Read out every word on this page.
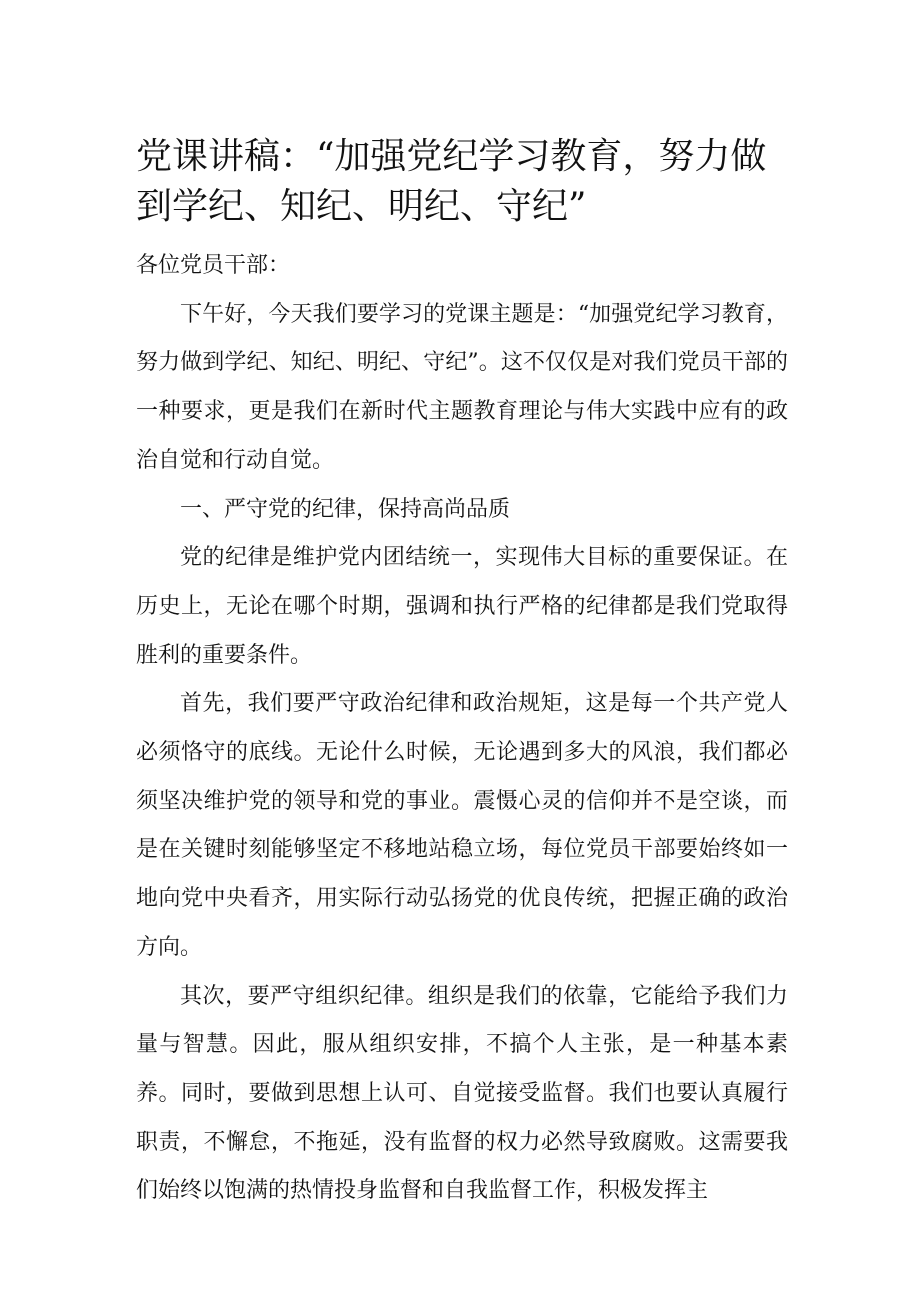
党课讲稿：“加强党纪学习教育，努力做到学纪、知纪、明纪、守纪”

各位党员干部：

下午好，今天我们要学习的党课主题是：“加强党纪学习教育，努力做到学纪、知纪、明纪、守纪”。这不仅仅是对我们党员干部的一种要求，更是我们在新时代主题教育理论与伟大实践中应有的政治自觉和行动自觉。

一、严守党的纪律，保持高尚品质

党的纪律是维护党内团结统一，实现伟大目标的重要保证。在历史上，无论在哪个时期，强调和执行严格的纪律都是我们党取得胜利的重要条件。

首先，我们要严守政治纪律和政治规矩，这是每一个共产党人必须恪守的底线。无论什么时候，无论遇到多大的风浪，我们都必须坚决维护党的领导和党的事业。震慑心灵的信仰并不是空谈，而是在关键时刻能够坚定不移地站稳立场，每位党员干部要始终如一地向党中央看齐，用实际行动弘扬党的优良传统，把握正确的政治方向。

其次，要严守组织纪律。组织是我们的依靠，它能给予我们力量与智慧。因此，服从组织安排，不搞个人主张，是一种基本素养。同时，要做到思想上认可、自觉接受监督。我们也要认真履行职责，不懈怠，不拖延，没有监督的权力必然导致腐败。这需要我们始终以饱满的热情投身监督和自我监督工作，积极发挥主
